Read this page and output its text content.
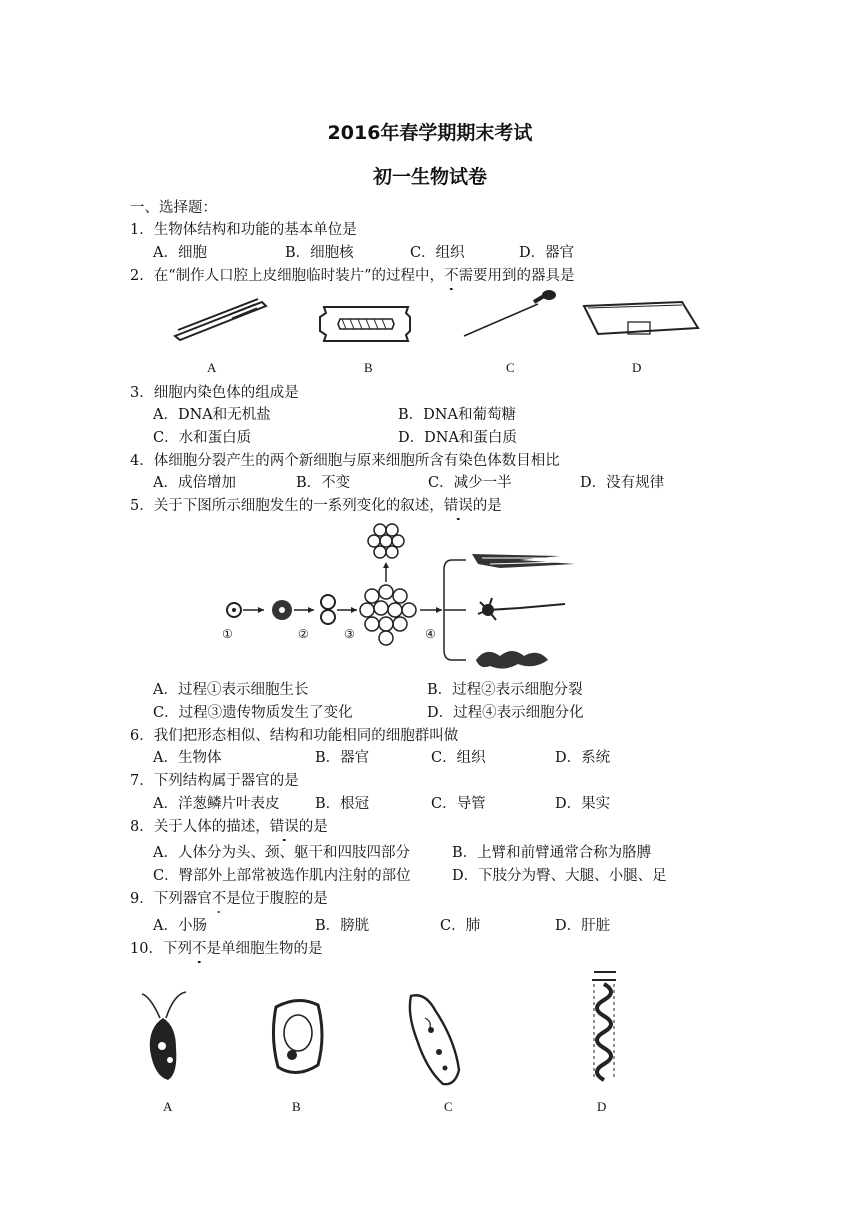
2016年春学期期末考试
初一生物试卷
一、选择题：
1．生物体结构和功能的基本单位是
A．细胞	B．细胞核	C．组织	D．器官
2．在“制作人口腔上皮细胞临时装片”的过程中，不需要用到的器具是
A	B	C	D
3．细胞内染色体的组成是
A．DNA和无机盐	B．DNA和葡萄糖
C．水和蛋白质	D．DNA和蛋白质
4．体细胞分裂产生的两个新细胞与原来细胞所含有染色体数目相比
A．成倍增加	B．不变	C．减少一半	D．没有规律
5．关于下图所示细胞发生的一系列变化的叙述，错误的是
①	②	③	④
A．过程①表示细胞生长	B．过程②表示细胞分裂
C．过程③遗传物质发生了变化	D．过程④表示细胞分化
6．我们把形态相似、结构和功能相同的细胞群叫做
A．生物体	B．器官	C．组织	D．系统
7．下列结构属于器官的是
A．洋葱鳞片叶表皮 B．根冠	C．导管	D．果实
8．关于人体的描述，错误的是
A．人体分为头、颈、躯干和四肢四部分	B．上臂和前臂通常合称为胳膊
C．臀部外上部常被选作肌内注射的部位	D．下肢分为臀、大腿、小腿、足
9．下列器官不是位于腹腔的是
A．小肠	B．膀胱	C．肺	D．肝脏
10．下列不是单细胞生物的是
A	B	C	D
